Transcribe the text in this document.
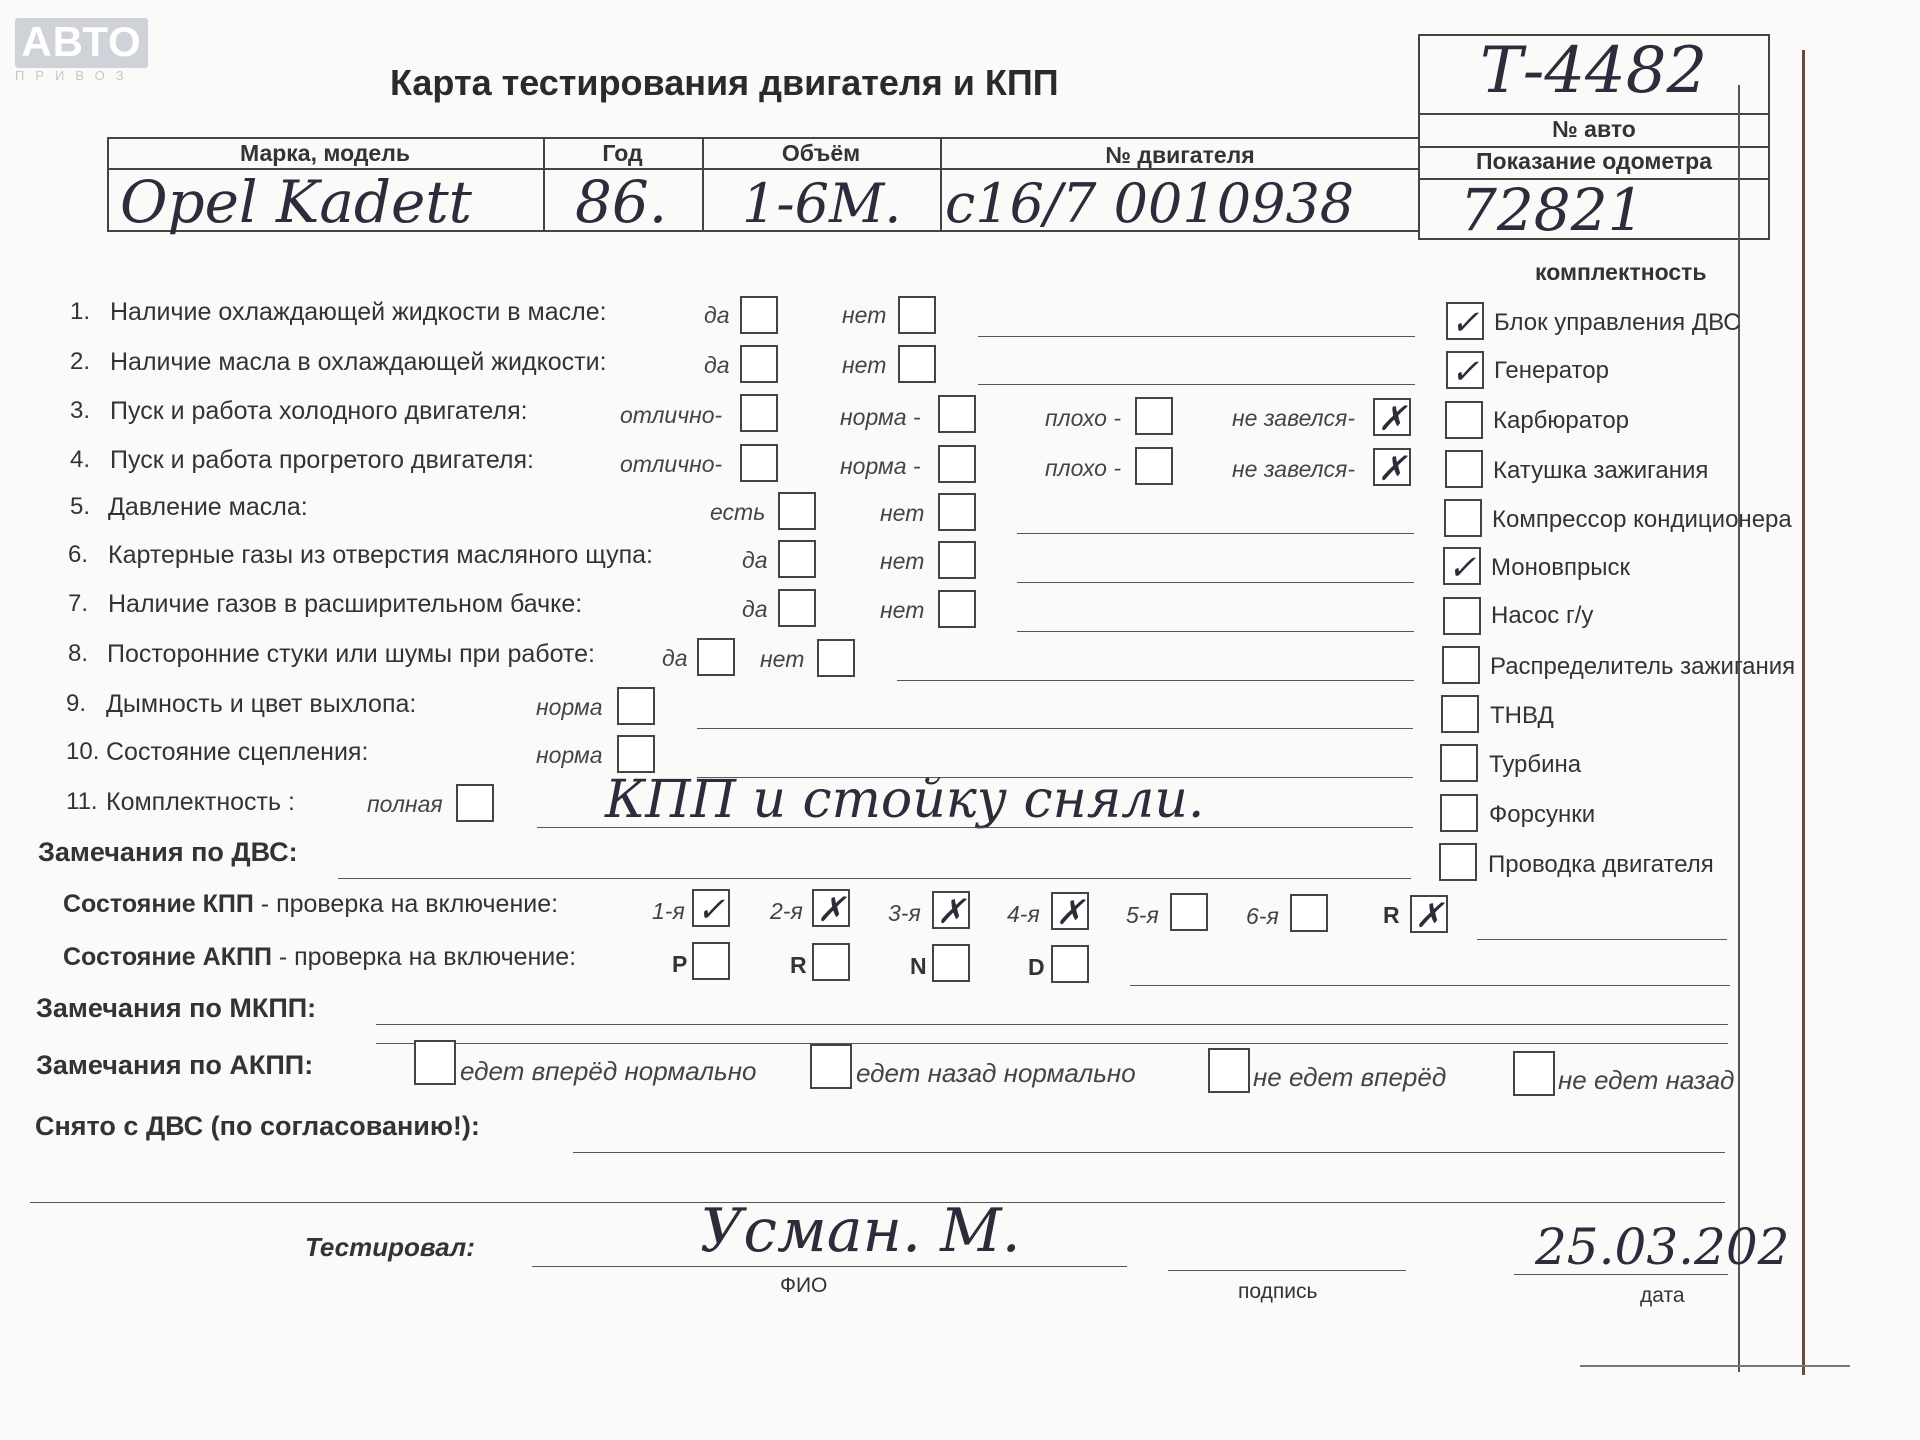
АВТО
ПРИВОЗ	Карта тестирования двигателя и КПП	Т-4482
№ авто
Показание одометра
72821
Марка, модель	Год	Объём	№ двигателя
Opel Kadett 86. 1-6M. c16/7 0010938
комплектность
1. Наличие охлаждающей жидкости в масле:	да	нет
2. Наличие масла в охлаждающей жидкости:	да	нет
3. Пуск и работа холодного двигателя:	отлично-	норма -	плохо -	не завелся- ✗
4. Пуск и работа прогретого двигателя:	отлично-	норма -	плохо -	не завелся- ✗
5. Давление масла:	есть	нет
6. Картерные газы из отверстия масляного щупа:	да	нет
7. Наличие газов в расширительном бачке:	да	нет
8. Посторонние стуки или шумы при работе:	да	нет
9. Дымность и цвет выхлопа:	норма
10. Состояние сцепления:	норма
11. Комплектность :	полная	КПП и стойку сняли.
✓ Блок управления ДВС
✓ Генератор
Карбюратор
Катушка зажигания
Компрессор кондиционера
✓ Моновпрыск
Насос г/у
Распределитель зажигания
ТНВД
Турбина
Форсунки
Проводка двигателя
Замечания по ДВС:
Состояние КПП - проверка на включение:	1-я ✓ 2-я ✗ 3-я ✗ 4-я ✗ 5-я	6-я	R ✗
Состояние АКПП - проверка на включение:	P	R	N	D
Замечания по МКПП:
Замечания по АКПП:	едет вперёд нормально	едет назад нормально	не едет вперёд	не едет назад
Снято с ДВС (по согласованию!):
Тестировал:	Усман. М.	25.03.202
ФИО	подпись	дата
